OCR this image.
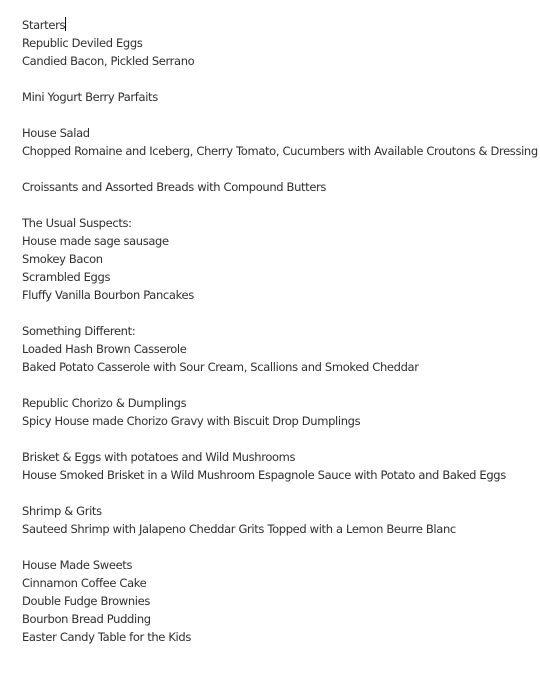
Starters
Republic Deviled Eggs
Candied Bacon, Pickled Serrano
Mini Yogurt Berry Parfaits
House Salad
Chopped Romaine and Iceberg, Cherry Tomato, Cucumbers with Available Croutons & Dressing
Croissants and Assorted Breads with Compound Butters
The Usual Suspects:
House made sage sausage
Smokey Bacon
Scrambled Eggs
Fluffy Vanilla Bourbon Pancakes
Something Different:
Loaded Hash Brown Casserole
Baked Potato Casserole with Sour Cream, Scallions and Smoked Cheddar
Republic Chorizo & Dumplings
Spicy House made Chorizo Gravy with Biscuit Drop Dumplings
Brisket & Eggs with potatoes and Wild Mushrooms
House Smoked Brisket in a Wild Mushroom Espagnole Sauce with Potato and Baked Eggs
Shrimp & Grits
Sauteed Shrimp with Jalapeno Cheddar Grits Topped with a Lemon Beurre Blanc
House Made Sweets
Cinnamon Coffee Cake
Double Fudge Brownies
Bourbon Bread Pudding
Easter Candy Table for the Kids
